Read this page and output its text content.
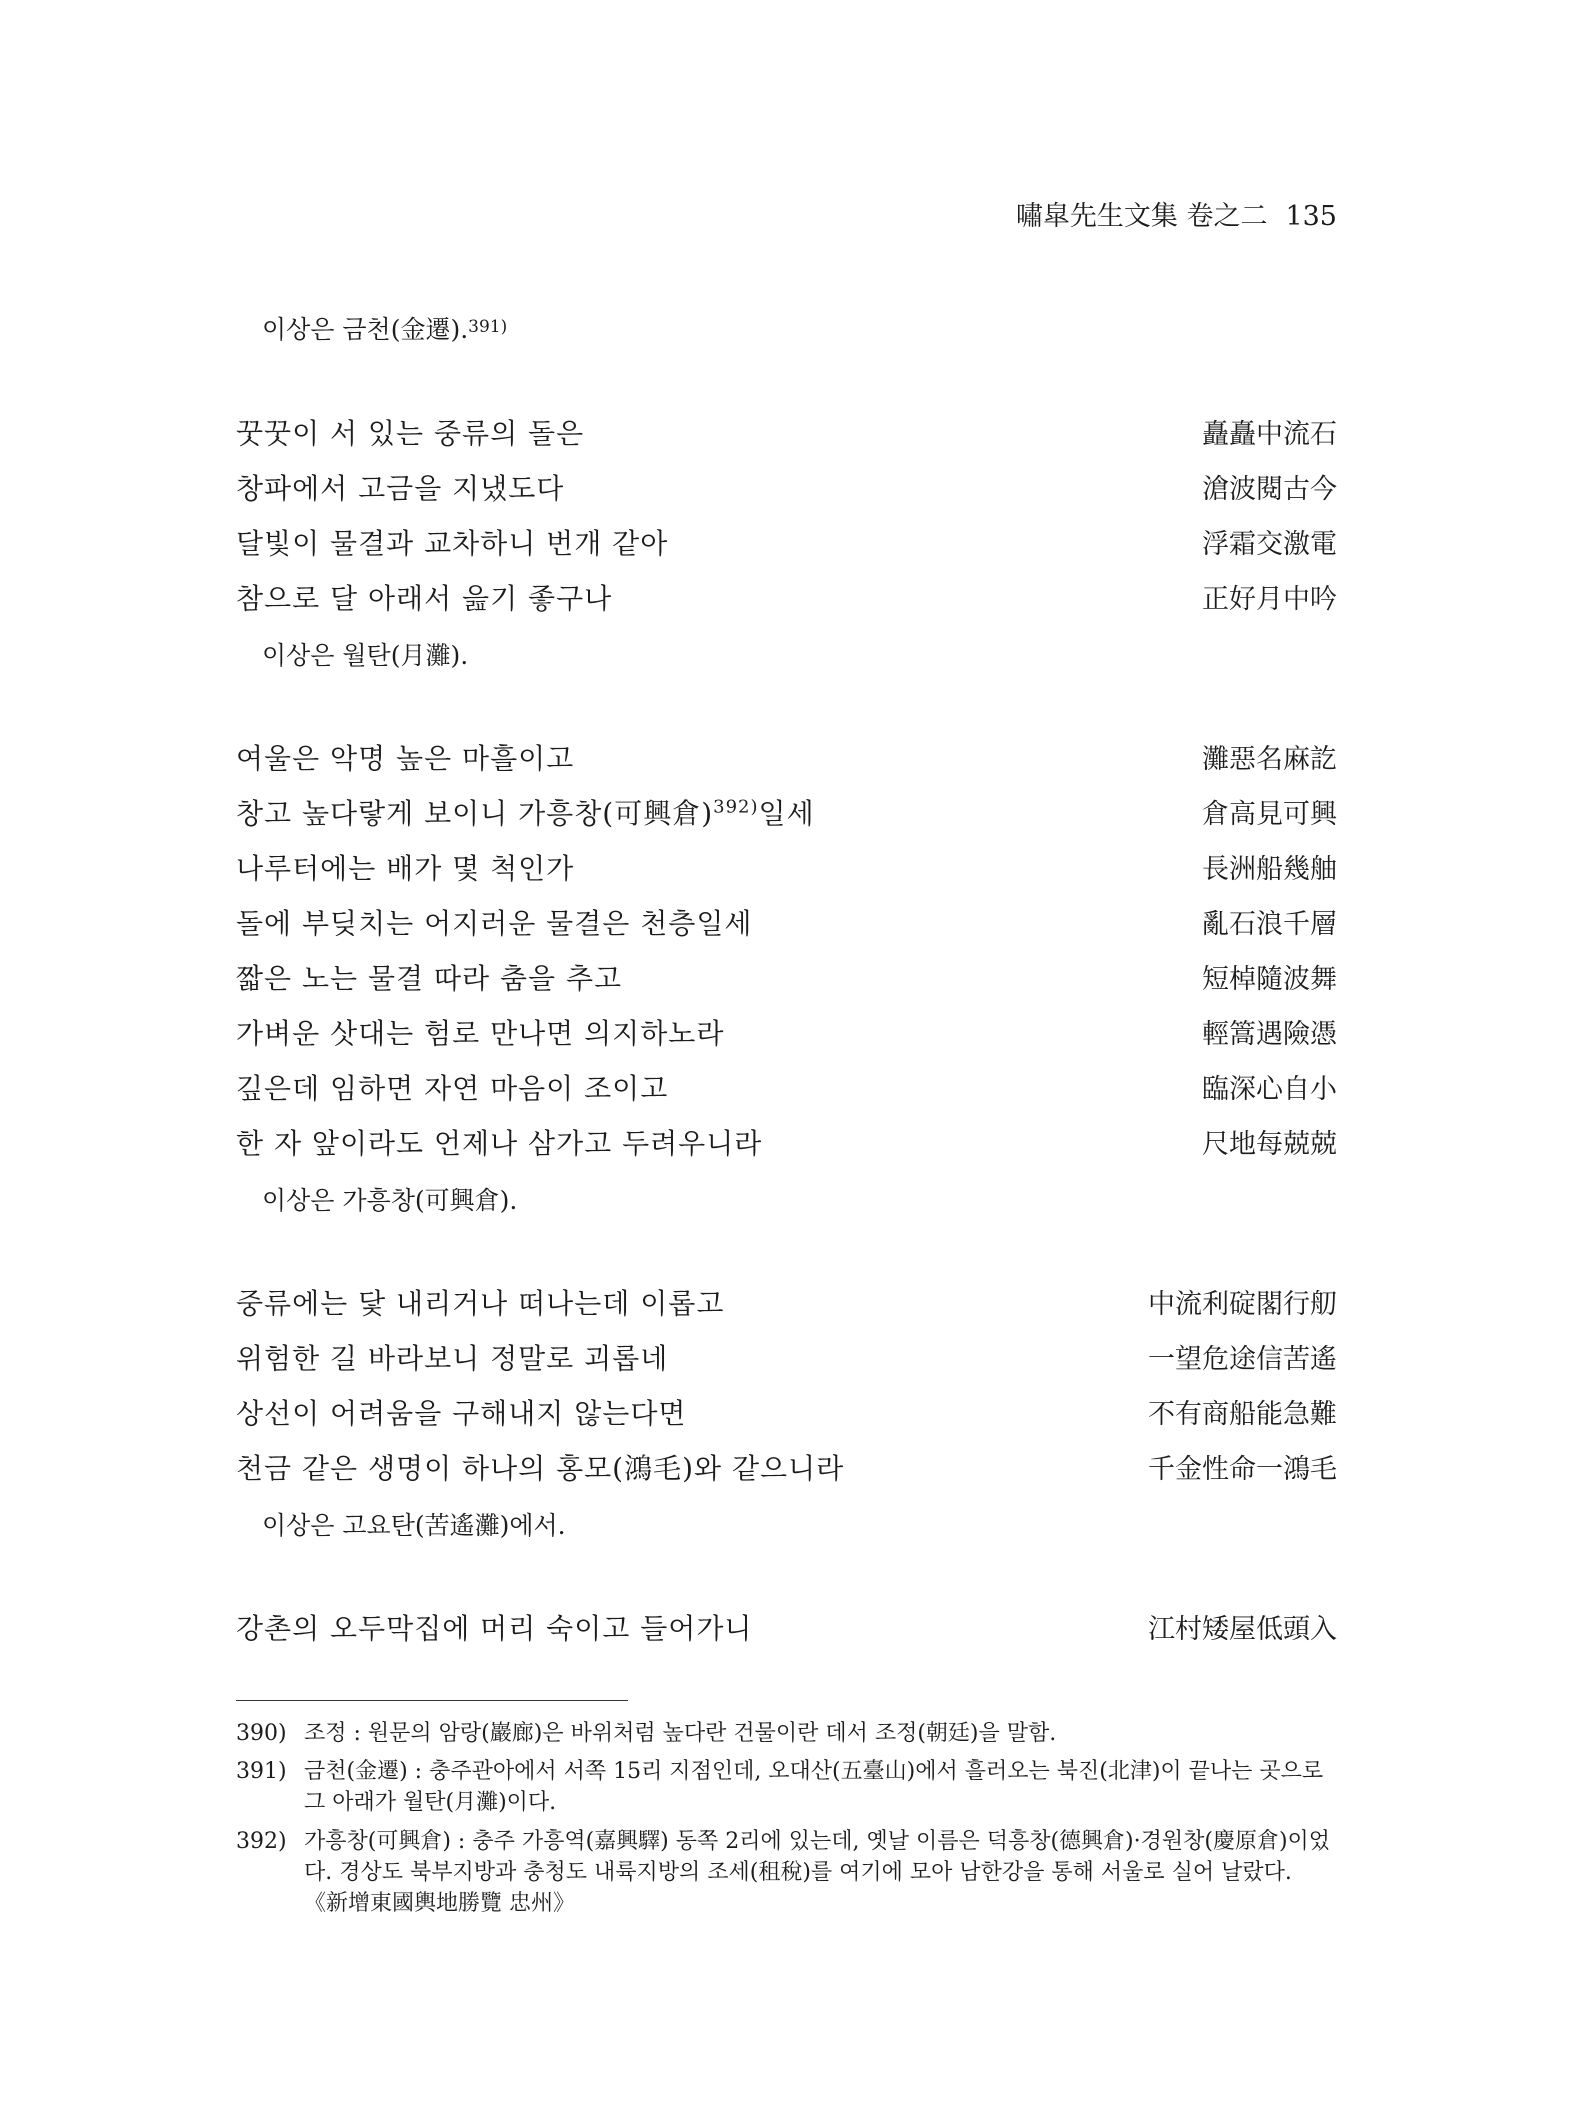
嘯皐先生文集 卷之二 135
이상은 금천(金遷).$^{391)}$
꿋꿋이 서 있는 중류의 돌은	矗矗中流石
창파에서 고금을 지냈도다	滄波閱古今
달빛이 물결과 교차하니 번개 같아	浮霜交激電
참으로 달 아래서 읊기 좋구나	正好月中吟
이상은 월탄(月灘).
여울은 악명 높은 마흘이고	灘惡名麻訖
창고 높다랗게 보이니 가흥창(可興倉)$^{392)}$일세	倉高見可興
나루터에는 배가 몇 척인가	長洲船幾舳
돌에 부딪치는 어지러운 물결은 천층일세	亂石浪千層
짧은 노는 물결 따라 춤을 추고	短棹隨波舞
가벼운 삿대는 험로 만나면 의지하노라	輕篙遇險憑
깊은데 임하면 자연 마음이 조이고	臨深心自小
한 자 앞이라도 언제나 삼가고 두려우니라	尺地每兢兢
이상은 가흥창(可興倉).
중류에는 닻 내리거나 떠나는데 이롭고	中流利碇閣行舠
위험한 길 바라보니 정말로 괴롭네	一望危途信苦遙
상선이 어려움을 구해내지 않는다면	不有商船能急難
천금 같은 생명이 하나의 홍모(鴻毛)와 같으니라	千金性命一鴻毛
이상은 고요탄(苦遙灘)에서.
강촌의 오두막집에 머리 숙이고 들어가니	江村矮屋低頭入
390) 조정 : 원문의 암랑(巖廊)은 바위처럼 높다란 건물이란 데서 조정(朝廷)을 말함.
391) 금천(金遷) : 충주관아에서 서쪽 15리 지점인데, 오대산(五臺山)에서 흘러오는 북진(北津)이 끝나는 곳으로 그 아래가 월탄(月灘)이다.
392) 가흥창(可興倉) : 충주 가흥역(嘉興驛) 동쪽 2리에 있는데, 옛날 이름은 덕흥창(德興倉)·경원창(慶原倉)이었다. 경상도 북부지방과 충청도 내륙지방의 조세(租稅)를 여기에 모아 남한강을 통해 서울로 실어 날랐다. 《新增東國輿地勝覽 忠州》
